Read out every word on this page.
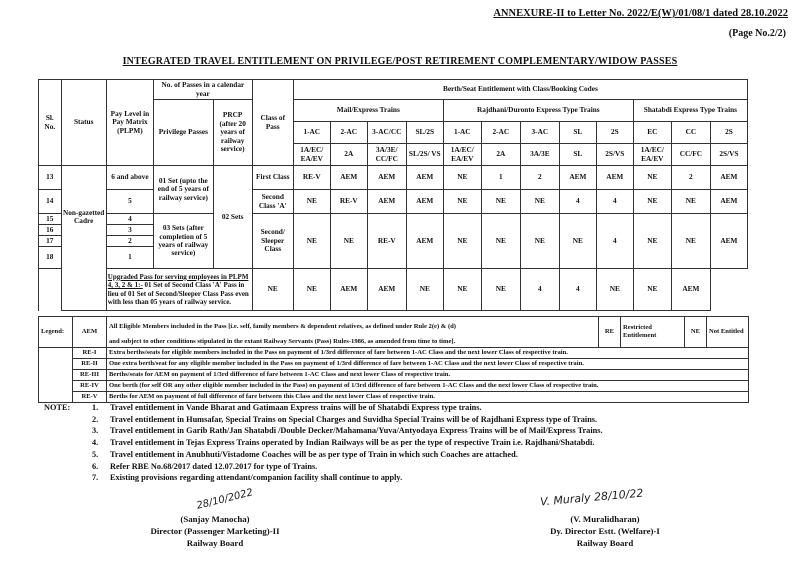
ANNEXURE-II to Letter No. 2022/E(W)/01/08/1 dated 28.10.2022
(Page No.2/2)
INTEGRATED TRAVEL ENTITLEMENT ON PRIVILEGE/POST RETIREMENT COMPLEMENTARY/WIDOW PASSES
Sl. No.	Status	Pay Level in Pay Matrix (PLPM)	No. of Passes in a calendar year		Class of Pass	Berth/Seat Entitlement with Class/Booking Codes											
			Privilege Passes	PRCP (after 20 years of railway service)		Mail/Express Trains				Rajdhani/Duronto Express Type Trains					Shatabdi Express Type Trains		
						1-AC	2-AC	3-AC/CC	SL/2S	1-AC	2-AC	3-AC	SL	2S	EC	CC	2S
						1A/EC/ EA/EV	2A	3A/3E/ CC/FC	SL/2S/ VS	1A/EC/ EA/EV	2A	3A/3E	SL	2S/VS	1A/EC/ EA/EV	CC/FC	2S/VS
13	Non-gazetted Cadre	6 and above	01 Set (upto the end of 5 years of railway service)	02 Sets	First Class	RE-V	AEM	AEM	AEM	NE	1	2	AEM	AEM	NE	2	AEM
14		5			Second Class 'A'	NE	RE-V	AEM	AEM	NE	NE	NE	4	4	NE	NE	AEM
15		4	03 Sets (after completion of 5 years of railway service)		Second/ Sleeper Class	NE	NE	RE-V	AEM	NE	NE	NE	NE	4	NE	NE	AEM
16		3															
17		2															
18		1															
		Upgraded Pass for serving employees in PLPM 4, 3, 2 & 1:- 01 Set of Second Class 'A' Pass in lieu of 01 Set of Second/Sleeper Class Pass even with less than 05 years of railway service.			NE	NE	AEM	AEM	NE	NE	NE	4	4	NE	NE	AEM	
Legend:	AEM	All Eligible Members included in the Pass [i.e. self, family members & dependent relatives, as defined under Rule 2(e) & (d)	RE	Restricted Entitlement	NE	Not Entitled
		and subject to other conditions stipulated in the extant Railway Servants (Pass) Rules-1986, as amended from time to time].				
	RE-I	Extra berths/seats for eligible members included in the Pass on payment of 1/3rd difference of fare between 1-AC Class and the next lower Class of respective train.				
	RE-II	One extra berth/seat for any eligible member included in the Pass on payment of 1/3rd difference of fare between 1-AC Class and the next lower Class of respective train.				
	RE-III	Berths/seats for AEM on payment of 1/3rd difference of fare between 1-AC Class and next lower Class of respective train.				
	RE-IV	One berth (for self OR any other eligible member included in the Pass) on payment of 1/3rd difference of fare between 1-AC Class and the next lower Class of respective train.				
	RE-V	Berths for AEM on payment of full difference of fare between this Class and the next lower Class of respective train.				
NOTE:	1. Travel entitlement in Vande Bharat and Gatimaan Express trains will be of Shatabdi Express type trains.
2. Travel entitlement in Humsafar, Special Trains on Special Charges and Suvidha Special Trains will be of Rajdhani Express type of Trains.
3. Travel entitlement in Garib Rath/Jan Shatabdi /Double Decker/Mahamana/Yuva/Antyodaya Express Trains will be of Mail/Express Trains.
4. Travel entitlement in Tejas Express Trains operated by Indian Railways will be as per the type of respective Train i.e. Rajdhani/Shatabdi.
5. Travel entitlement in Anubhuti/Vistadome Coaches will be as per type of Train in which such Coaches are attached.
6. Refer RBE No.68/2017 dated 12.07.2017 for type of Trains.
7. Existing provisions regarding attendant/companion facility shall continue to apply.
28/10/2022
(Sanjay Manocha)
Director (Passenger Marketing)-II
Railway Board
V. Muraly 28/10/22
(V. Muralidharan)
Dy. Director Estt. (Welfare)-I
Railway Board
